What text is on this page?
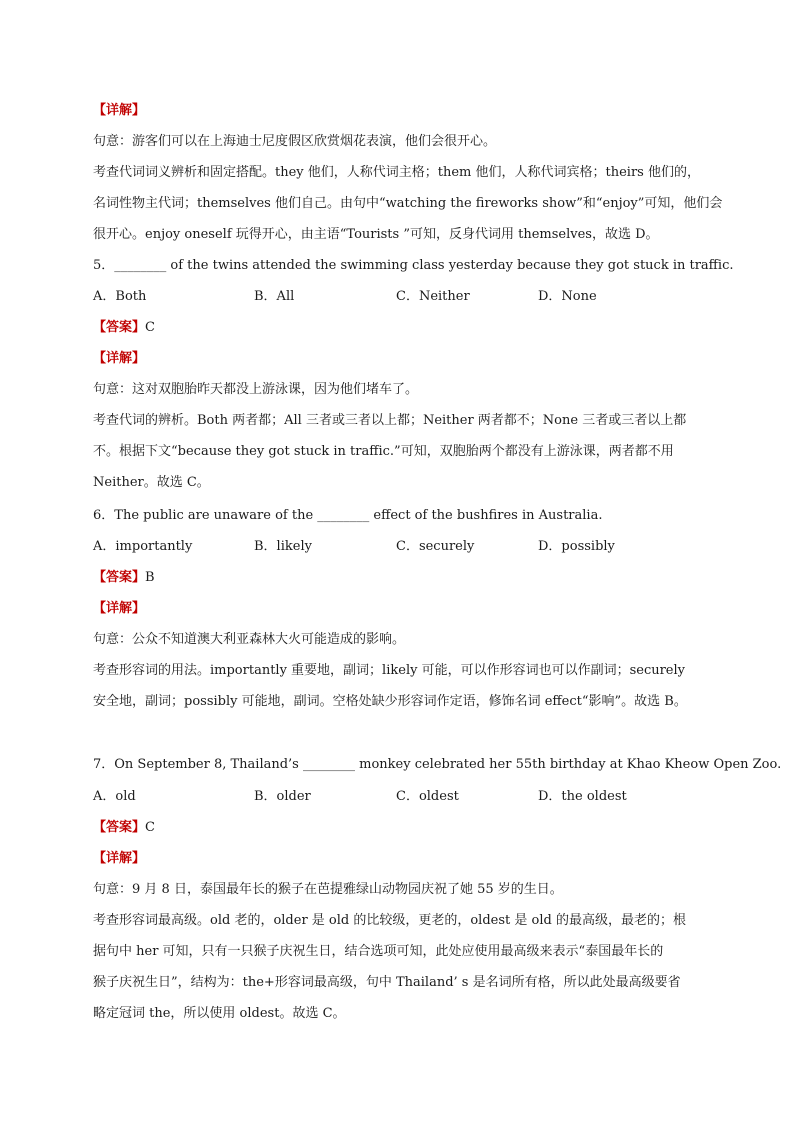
【详解】
句意：游客们可以在上海迪士尼度假区欣赏烟花表演，他们会很开心。
考查代词词义辨析和固定搭配。they 他们，人称代词主格；them 他们，人称代词宾格；theirs 他们的，
名词性物主代词；themselves 他们自己。由句中“watching the fireworks show”和“enjoy”可知，他们会
很开心。enjoy oneself 玩得开心，由主语“Tourists ”可知，反身代词用 themselves，故选 D。
5．________ of the twins attended the swimming class yesterday because they got stuck in traffic.
A．Both	B．All	C．Neither	D．None
【答案】C
【详解】
句意：这对双胞胎昨天都没上游泳课，因为他们堵车了。
考查代词的辨析。Both 两者都；All 三者或三者以上都；Neither 两者都不；None 三者或三者以上都
不。根据下文“because they got stuck in traffic.”可知，双胞胎两个都没有上游泳课，两者都不用
Neither。故选 C。
6．The public are unaware of the ________ effect of the bushfires in Australia.
A．importantly	B．likely	C．securely	D．possibly
【答案】B
【详解】
句意：公众不知道澳大利亚森林大火可能造成的影响。
考查形容词的用法。importantly 重要地，副词；likely 可能，可以作形容词也可以作副词；securely
安全地，副词；possibly 可能地，副词。空格处缺少形容词作定语，修饰名词 effect“影响”。故选 B。
7．On September 8, Thailand’s ________ monkey celebrated her 55th birthday at Khao Kheow Open Zoo.
A．old	B．older	C．oldest	D．the oldest
【答案】C
【详解】
句意：9 月 8 日，泰国最年长的猴子在芭提雅绿山动物园庆祝了她 55 岁的生日。
考查形容词最高级。old 老的，older 是 old 的比较级，更老的，oldest 是 old 的最高级，最老的；根
据句中 her 可知，只有一只猴子庆祝生日，结合选项可知，此处应使用最高级来表示“泰国最年长的
猴子庆祝生日”，结构为：the+形容词最高级，句中 Thailand’ s 是名词所有格，所以此处最高级要省
略定冠词 the，所以使用 oldest。故选 C。
